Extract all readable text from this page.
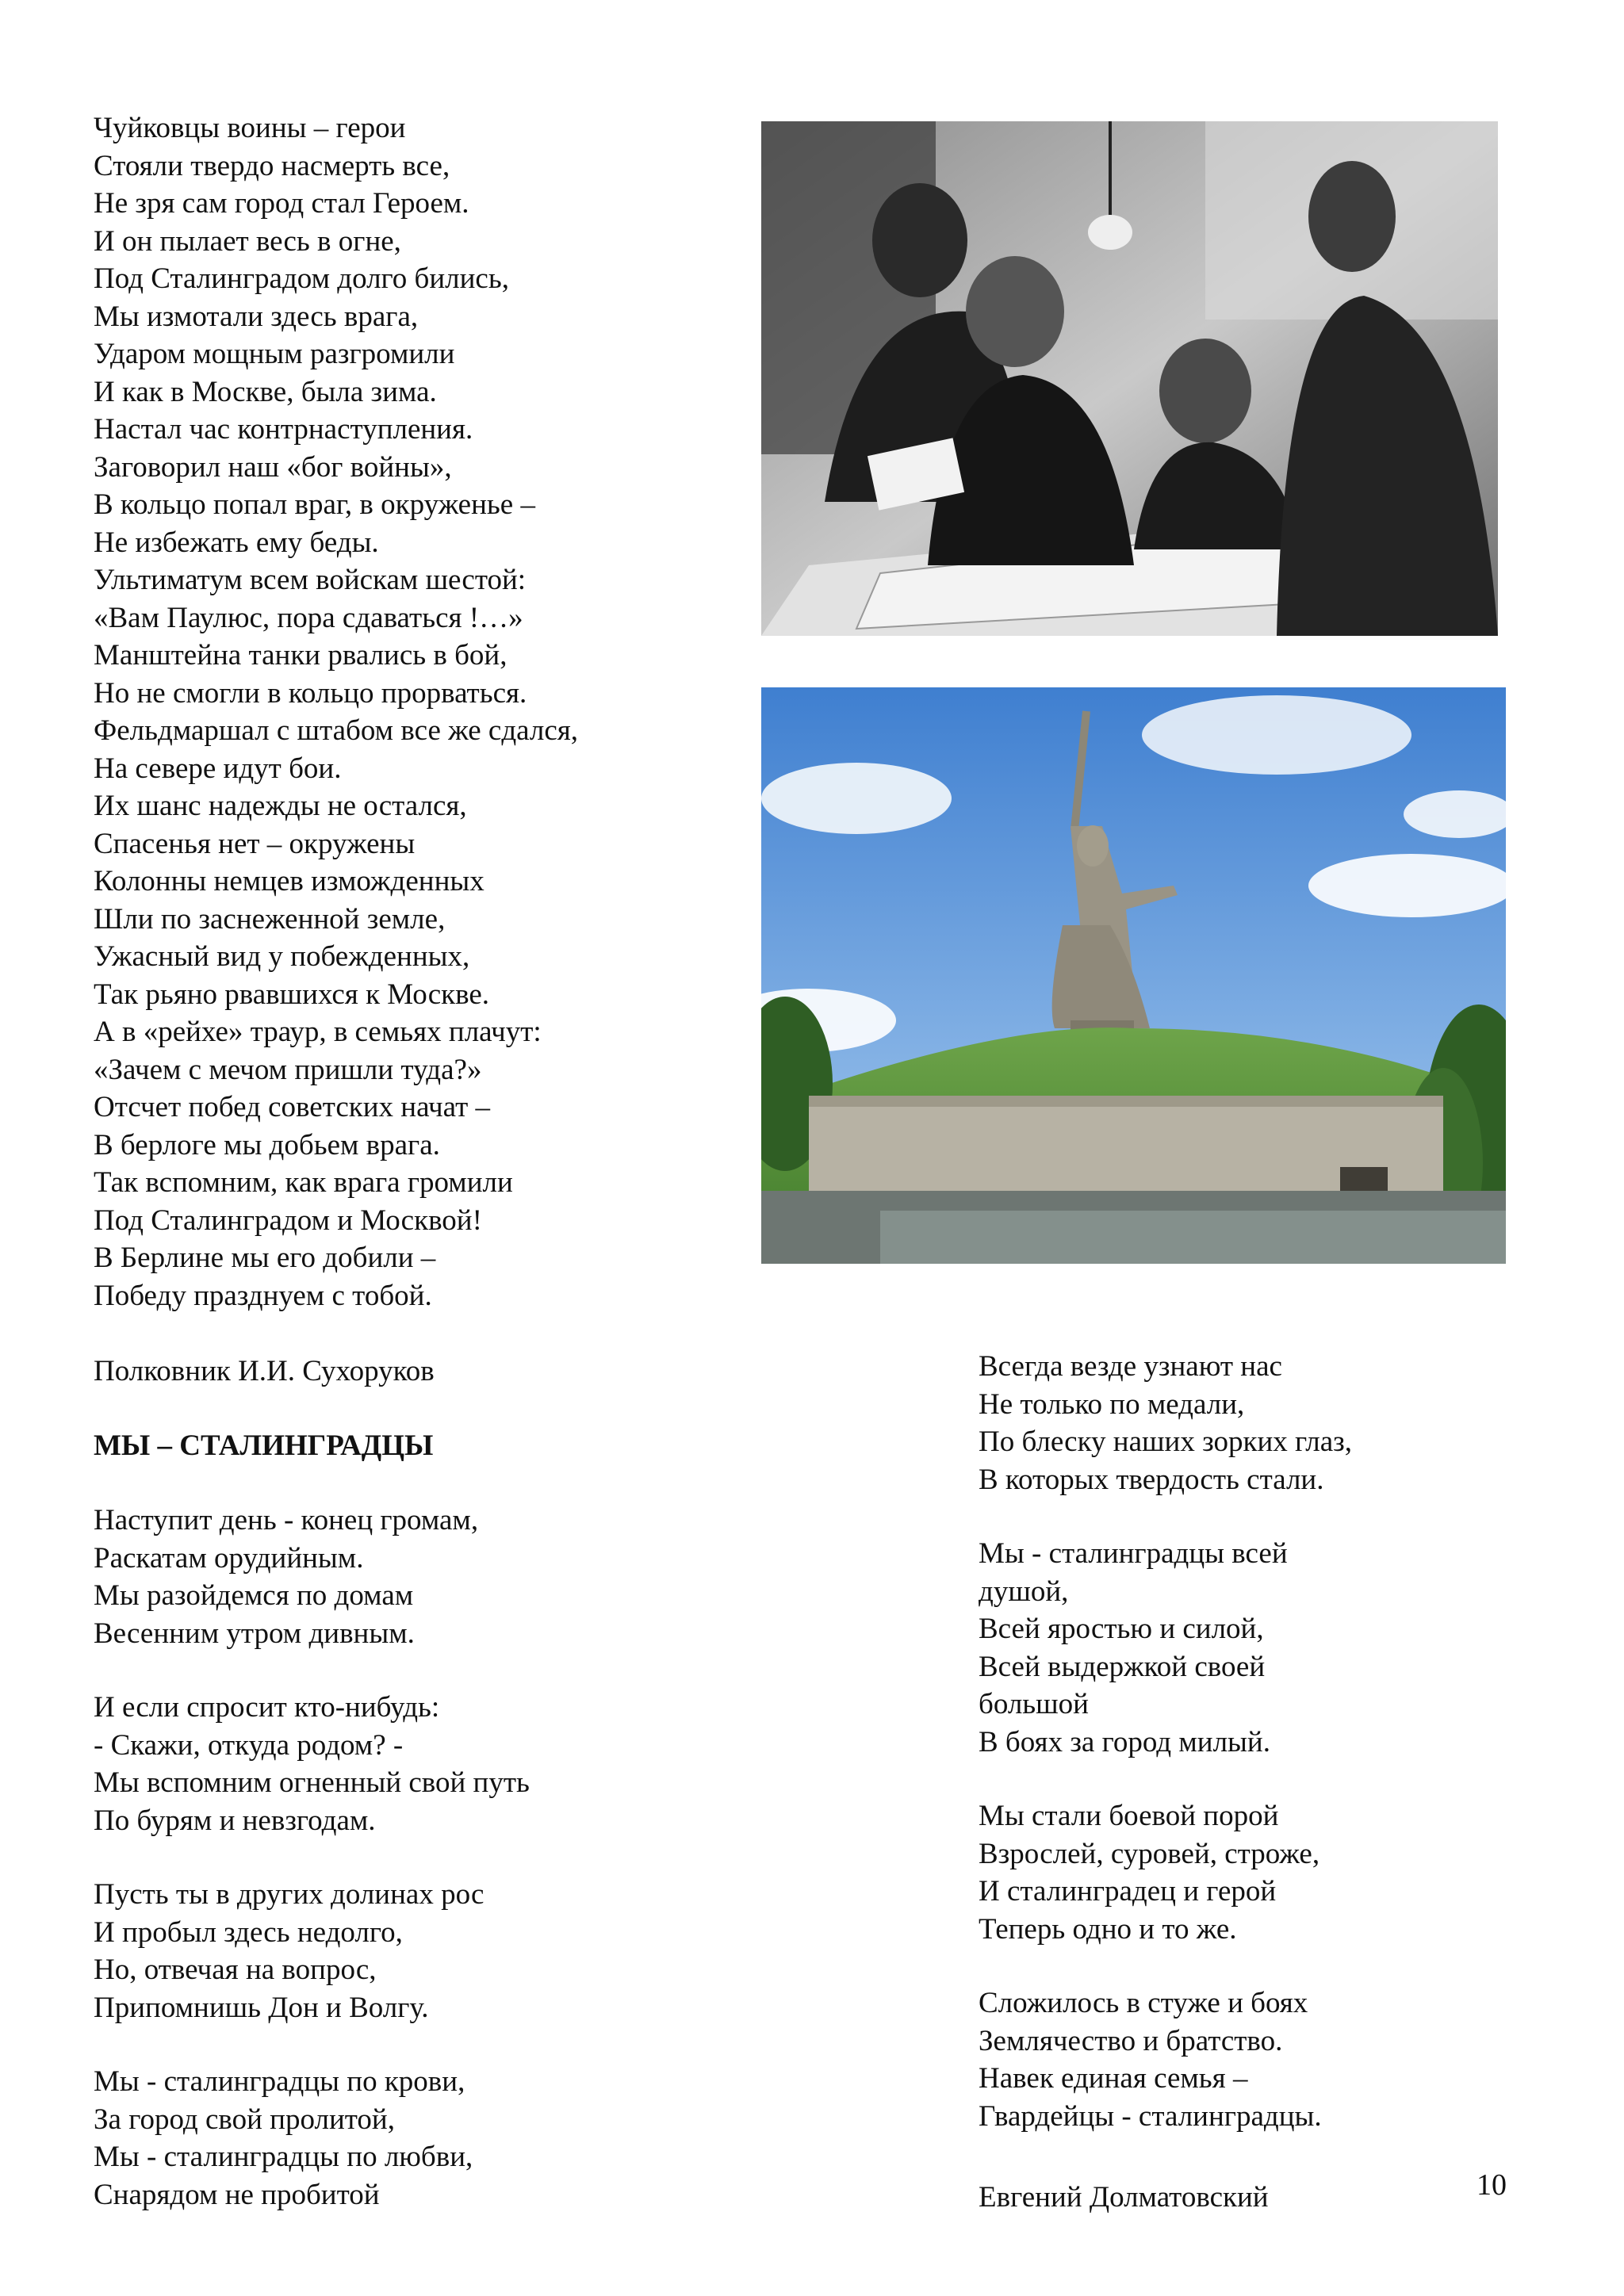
Чуйковцы воины – герои
Стояли твердо насмерть все,
Не зря сам город стал Героем.
И он пылает весь в огне,
Под Сталинградом долго бились,
Мы измотали здесь врага,
Ударом мощным разгромили
И как в Москве, была зима.
Настал час контрнаступления.
Заговорил наш «бог войны»,
В кольцо попал враг, в окруженье –
Не избежать ему беды.
Ультиматум всем войскам шестой:
«Вам Паулюс, пора сдаваться !…»
Манштейна танки рвались в бой,
Но не смогли в кольцо прорваться.
Фельдмаршал с штабом все же сдался,
На севере идут бои.
Их шанс надежды не остался,
Спасенья нет – окружены
Колонны немцев изможденных
Шли по заснеженной земле,
Ужасный вид у побежденных,
Так рьяно рвавшихся к Москве.
А в «рейхе» траур, в семьях плачут:
«Зачем с мечом пришли туда?»
Отсчет побед советских начат –
В берлоге мы добьем врага.
Так вспомним, как врага громили
Под Сталинградом и Москвой!
В Берлине мы его добили –
Победу празднуем с тобой.
Полковник И.И. Сухоруков
МЫ – СТАЛИНГРАДЦЫ
Наступит день - конец громам,
Раскатам орудийным.
Мы разойдемся по домам
Весенним утром дивным.
И если спросит кто-нибудь:
- Скажи, откуда родом? -
Мы вспомним огненный свой путь
По бурям и невзгодам.
Пусть ты в других долинах рос
И пробыл здесь недолго,
Но, отвечая на вопрос,
Припомнишь Дон и Волгу.
Мы - сталинградцы по крови,
За город свой пролитой,
Мы - сталинградцы по любви,
Снарядом не пробитой
Всегда везде узнают нас
Не только по медали,
По блеску наших зорких глаз,
В которых твердость стали.
Мы - сталинградцы всей
душой,
Всей яростью и силой,
Всей выдержкой своей
большой
В боях за город милый.
Мы стали боевой порой
Взрослей, суровей, строже,
И сталинградец и герой
Теперь одно и то же.
Сложилось в стуже и боях
Землячество и братство.
Навек единая семья –
Гвардейцы - сталинградцы.
Евгений Долматовский	10
